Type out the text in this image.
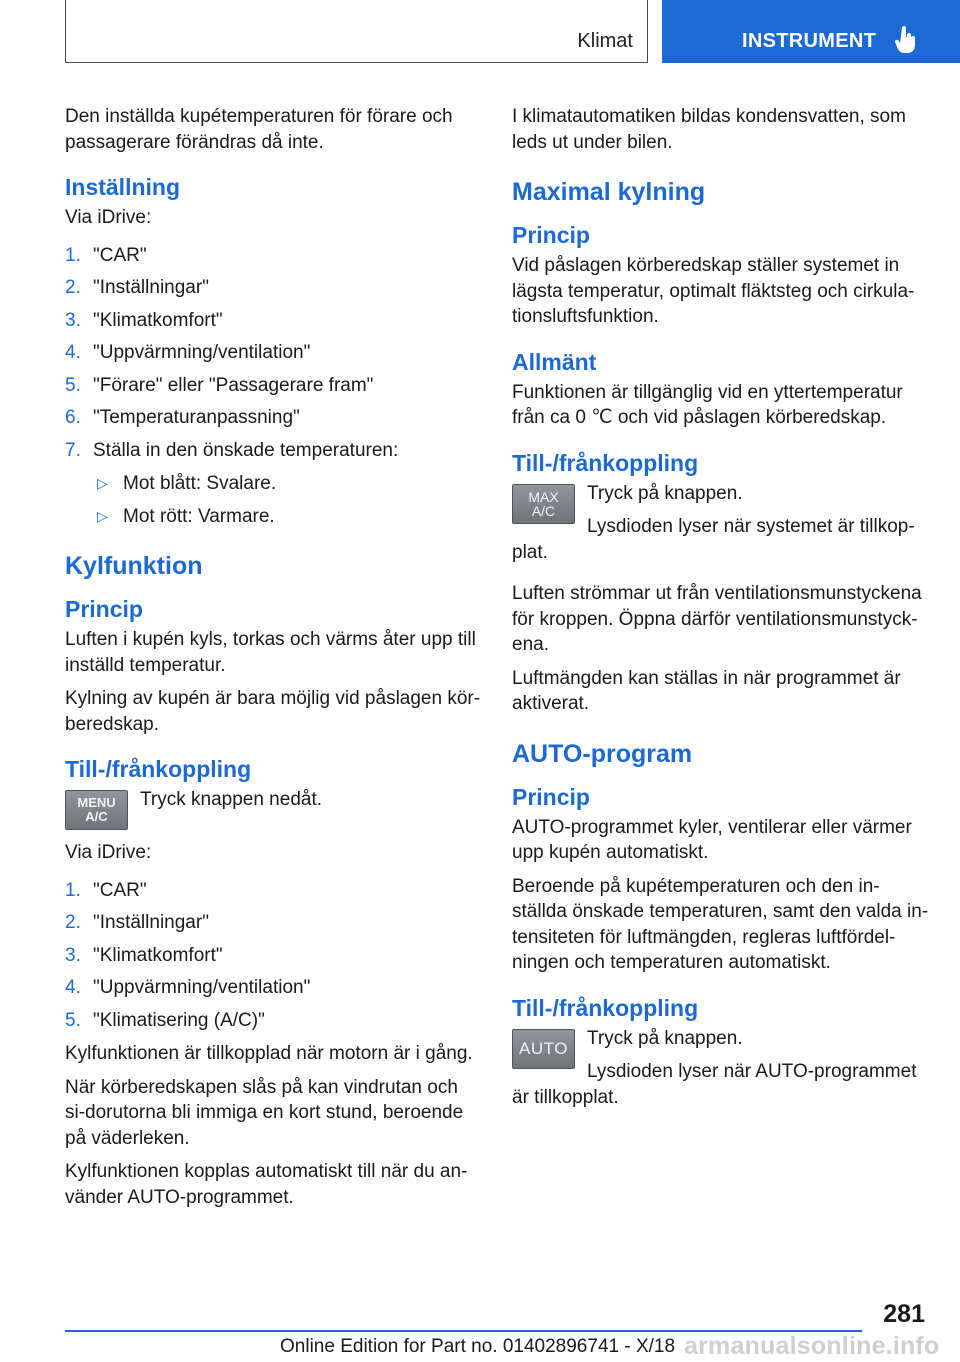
Klimat	INSTRUMENT

Den inställda kupétemperaturen för förare och passagerare förändras då inte.

Inställning

Via iDrive:

1. "CAR"
2. "Inställningar"
3. "Klimatkomfort"
4. "Uppvärmning/ventilation"
5. "Förare" eller "Passagerare fram"
6. "Temperaturanpassning"
7. Ställa in den önskade temperaturen:
▷ Mot blått: Svalare.
▷ Mot rött: Varmare.
Kylfunktion
Princip

Luften i kupén kyls, torkas och värms åter upp till inställd temperatur.

Kylning av kupén är bara möjlig vid påslagen kör-beredskap.

Till-/frånkoppling
MENU
A/C

Tryck knappen nedåt.

Via iDrive:

1. "CAR"
2. "Inställningar"
3. "Klimatkomfort"
4. "Uppvärmning/ventilation"
5. "Klimatisering (A/C)"

Kylfunktionen är tillkopplad när motorn är i gång.

När körberedskapen slås på kan vindrutan och si-dorutorna bli immiga en kort stund, beroende på väderleken.

Kylfunktionen kopplas automatiskt till när du an-vänder AUTO-programmet.

I klimatautomatiken bildas kondensvatten, som leds ut under bilen.

Maximal kylning
Princip

Vid påslagen körberedskap ställer systemet in lägsta temperatur, optimalt fläktsteg och cirkula-tionsluftsfunktion.

Allmänt

Funktionen är tillgänglig vid en yttertemperatur från ca 0 ℃ och vid påslagen körberedskap.

Till-/frånkoppling
MAX
A/C

Tryck på knappen.

Lysdioden lyser när systemet är tillkop-plat.

Luften strömmar ut från ventilationsmunstyckena för kroppen. Öppna därför ventilationsmunstyck-ena.

Luftmängden kan ställas in när programmet är aktiverat.

AUTO-program
Princip

AUTO-programmet kyler, ventilerar eller värmer upp kupén automatiskt.

Beroende på kupétemperaturen och den in-ställda önskade temperaturen, samt den valda in-tensiteten för luftmängden, regleras luftfördel-ningen och temperaturen automatiskt.

Till-/frånkoppling
AUTO	Tryck på knappen.

Lysdioden lyser när AUTO-programmet är tillkopplat.

281
Online Edition for Part no. 01402896741 - X/18 armanualsonline.info
